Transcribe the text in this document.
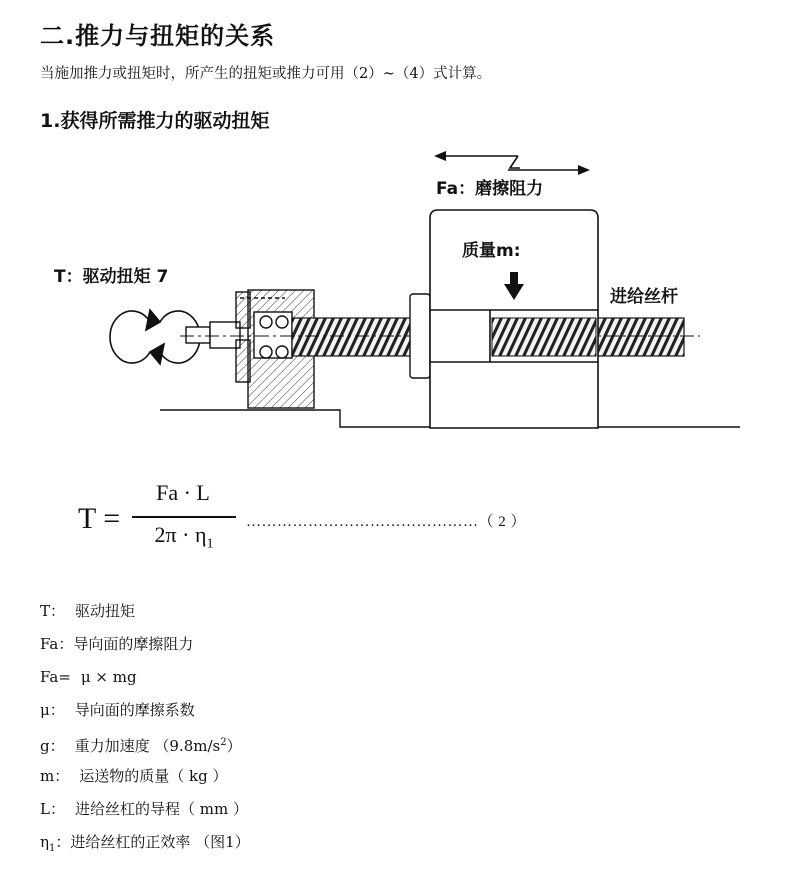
二.推力与扭矩的关系
当施加推力或扭矩时，所产生的扭矩或推力可用（2）~（4）式计算。
1.获得所需推力的驱动扭矩
Fa：磨擦阻力
质量m:
T：驱动扭矩 7
进给丝杆
T =
Fa · L
$2\pi \cdot \eta_1$
………………………………………（ 2 ）
T： 驱动扭矩
Fa：导向面的摩擦阻力
Fa= μ × mg
μ： 导向面的摩擦系数
g： 重力加速度 $(9.8m/s^2)$
m： 运送物的质量（ kg ）
L： 进给丝杠的导程（ mm ）
$\eta_1$：进给丝杠的正效率 （图1）
